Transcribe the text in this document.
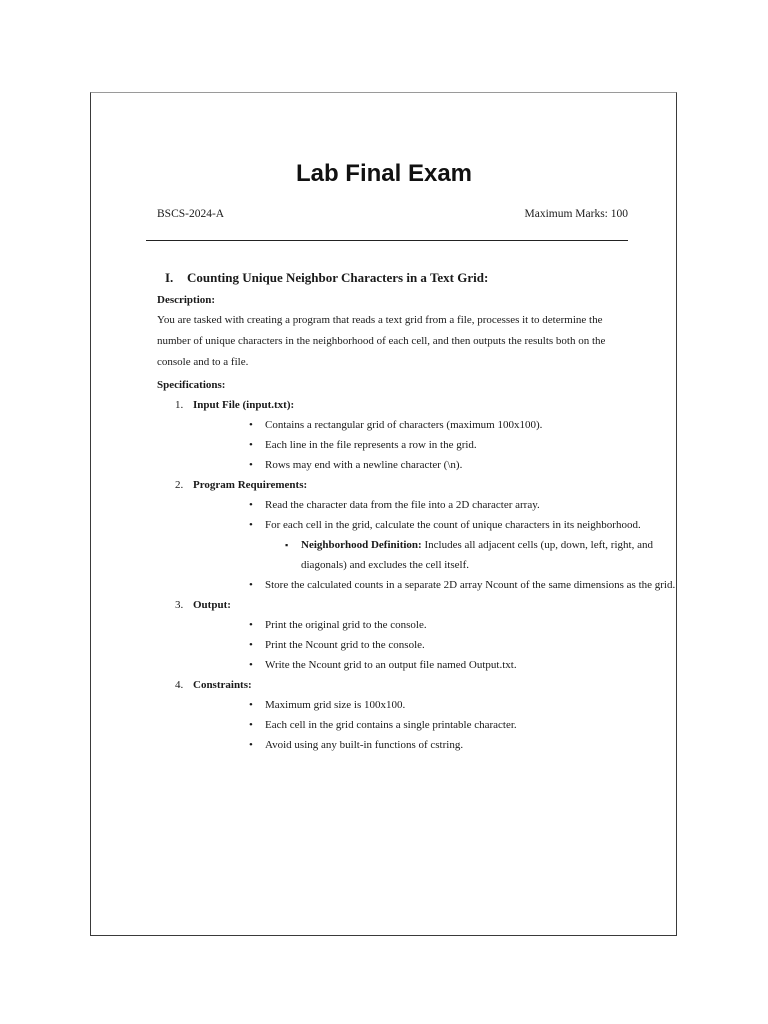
Lab Final Exam
BSCS-2024-A	Maximum Marks: 100
I. Counting Unique Neighbor Characters in a Text Grid:
Description:
You are tasked with creating a program that reads a text grid from a file, processes it to determine the number of unique characters in the neighborhood of each cell, and then outputs the results both on the console and to a file.
Specifications:
1. Input File (input.txt):
• Contains a rectangular grid of characters (maximum 100x100).
• Each line in the file represents a row in the grid.
• Rows may end with a newline character (\n).
2. Program Requirements:
• Read the character data from the file into a 2D character array.
• For each cell in the grid, calculate the count of unique characters in its neighborhood.
▪ Neighborhood Definition: Includes all adjacent cells (up, down, left, right, and diagonals) and excludes the cell itself.
• Store the calculated counts in a separate 2D array Ncount of the same dimensions as the grid.
3. Output:
• Print the original grid to the console.
• Print the Ncount grid to the console.
• Write the Ncount grid to an output file named Output.txt.
4. Constraints:
• Maximum grid size is 100x100.
• Each cell in the grid contains a single printable character.
• Avoid using any built-in functions of cstring.
